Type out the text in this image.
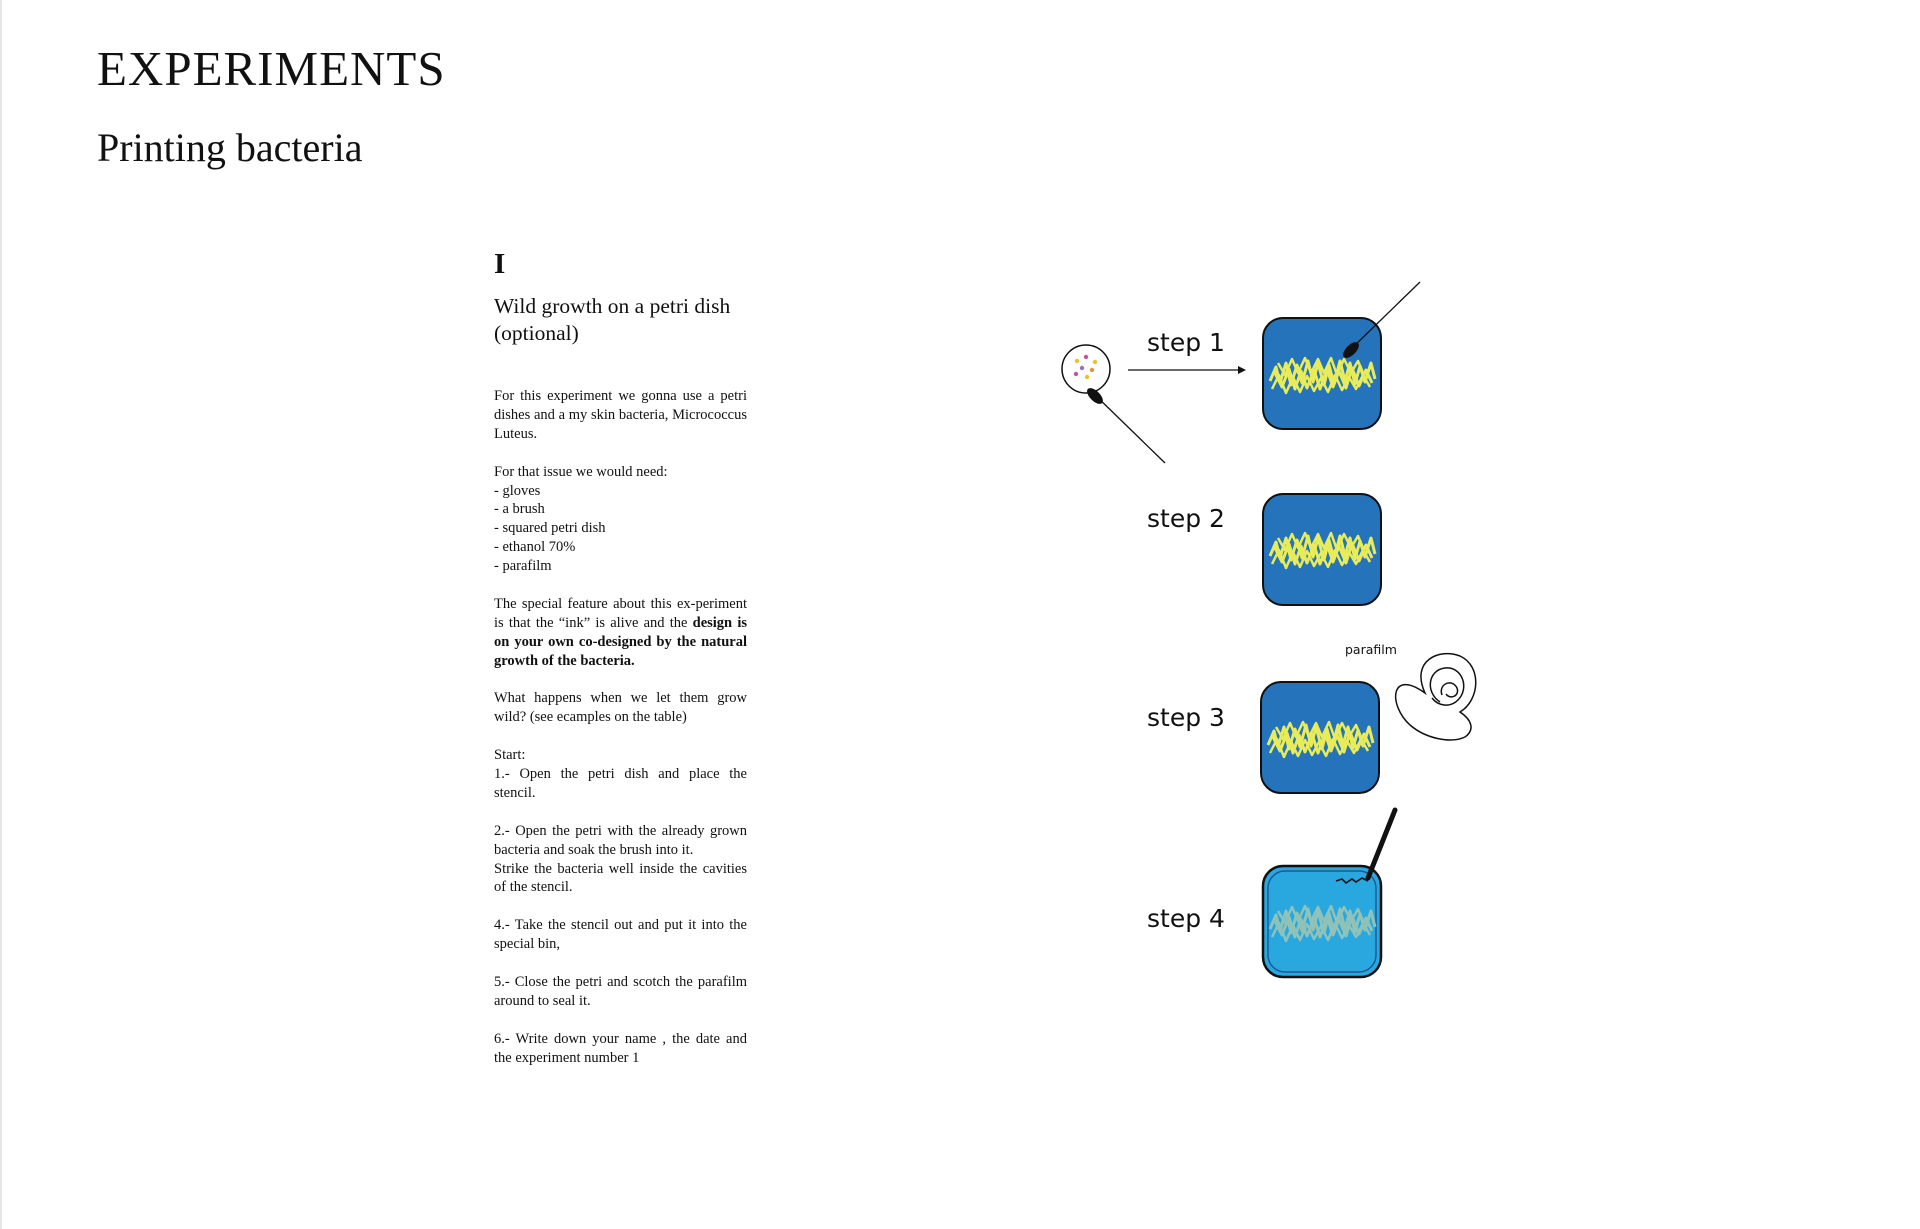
EXPERIMENTS
Printing bacteria
I
Wild growth on a petri dish (optional)

For this experiment we gonna use a petri dishes and a my skin bacteria, Micrococcus Luteus.

For that issue we would need:

- gloves
- a brush
- squared petri dish
- ethanol 70%
- parafilm

The special feature about this ex-periment is that the “ink” is alive and the design is on your own co-designed by the natural growth of the bacteria.

What happens when we let them grow wild? (see ecamples on the table)

Start:

1.- Open the petri dish and place the stencil.

2.- Open the petri with the already grown bacteria and soak the brush into it.

Strike the bacteria well inside the cavities of the stencil.

4.- Take the stencil out and put it into the special bin,

5.- Close the petri and scotch the parafilm around to seal it.

6.- Write down your name , the date and the experiment number 1

step 1
step 2
step 3
step 4
parafilm
